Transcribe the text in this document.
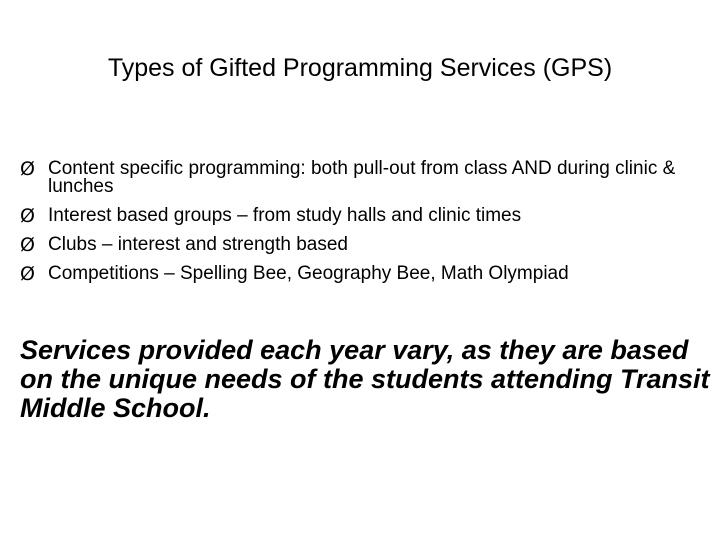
Types of Gifted Programming Services (GPS)
Ø Content specific programming: both pull-out from class AND during clinic & lunches
Ø Interest based groups – from study halls and clinic times
Ø Clubs – interest and strength based
Ø Competitions – Spelling Bee, Geography Bee, Math Olympiad
Services provided each year vary, as they are based on the unique needs of the students attending Transit Middle School.
